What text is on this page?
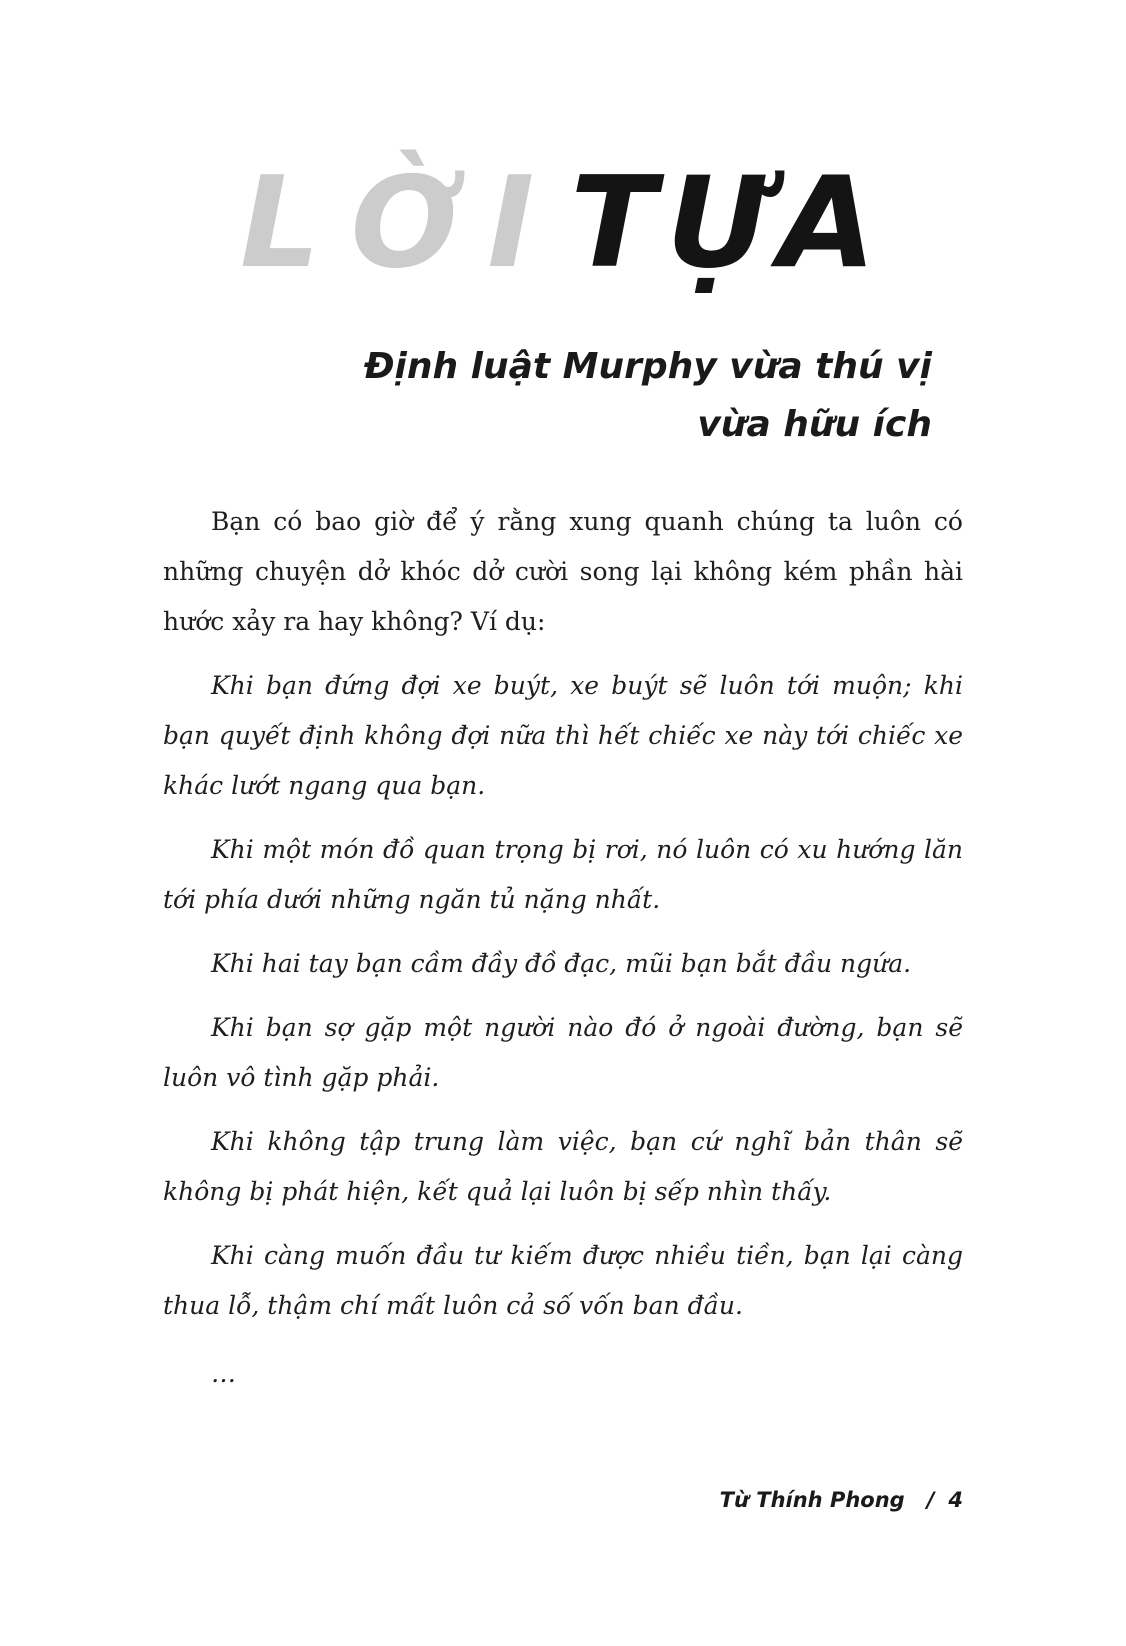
LỜITỰA
Định luật Murphy vừa thú vị
vừa hữu ích

Bạn có bao giờ để ý rằng xung quanh chúng ta luôn có những chuyện dở khóc dở cười song lại không kém phần hài hước xảy ra hay không? Ví dụ:

Khi bạn đứng đợi xe buýt, xe buýt sẽ luôn tới muộn; khi bạn quyết định không đợi nữa thì hết chiếc xe này tới chiếc xe khác lướt ngang qua bạn.

Khi một món đồ quan trọng bị rơi, nó luôn có xu hướng lăn tới phía dưới những ngăn tủ nặng nhất.

Khi hai tay bạn cầm đầy đồ đạc, mũi bạn bắt đầu ngứa.

Khi bạn sợ gặp một người nào đó ở ngoài đường, bạn sẽ luôn vô tình gặp phải.

Khi không tập trung làm việc, bạn cứ nghĩ bản thân sẽ không bị phát hiện, kết quả lại luôn bị sếp nhìn thấy.

Khi càng muốn đầu tư kiếm được nhiều tiền, bạn lại càng thua lỗ, thậm chí mất luôn cả số vốn ban đầu.

…

Từ Thính Phong / 4
